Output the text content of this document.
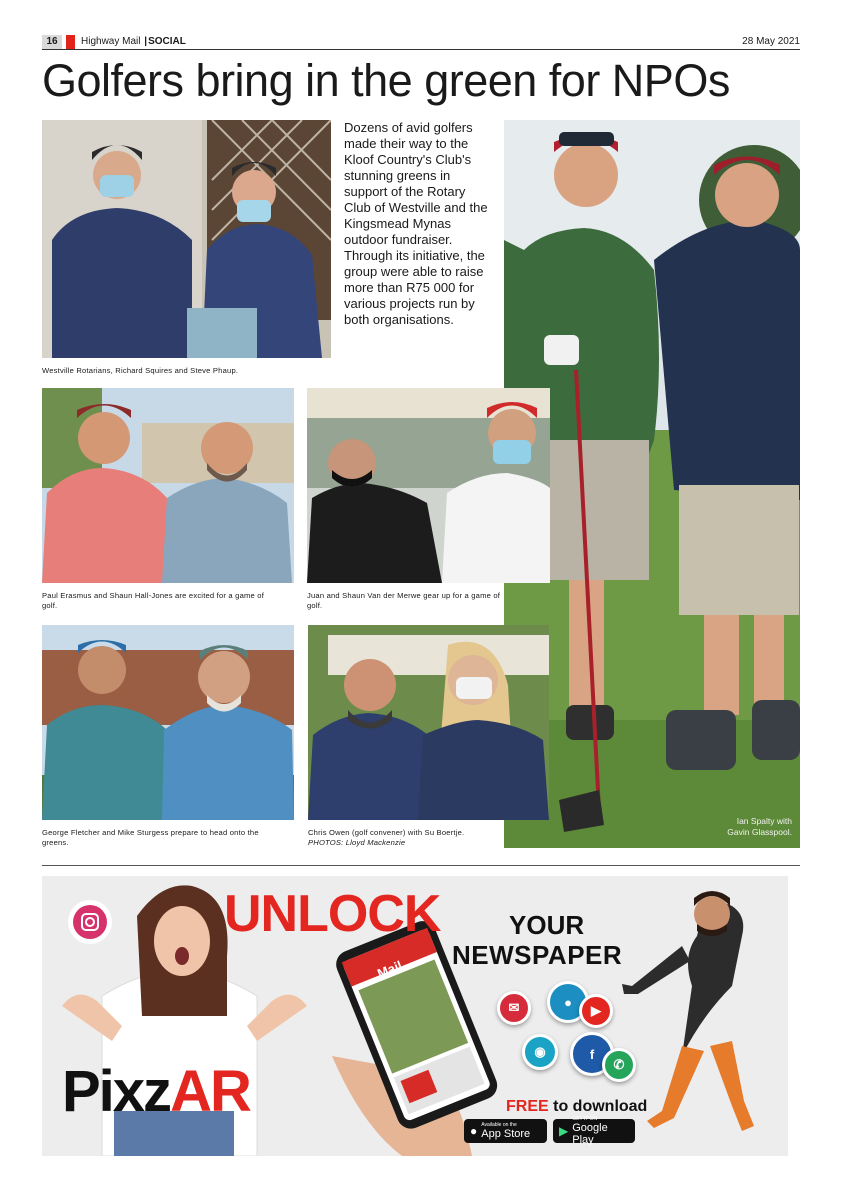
16	Highway Mail |SOCIAL	28 May 2021
Golfers bring in the green for NPOs
Westville Rotarians, Richard Squires and Steve Phaup.
Dozens of avid golfers made their way to the Kloof Country's Club's stunning greens in support of the Rotary Club of Westville and the Kingsmead Mynas outdoor fundraiser. Through its initiative, the group were able to raise more than R75 000 for various projects run by both organisations.
Ian Spalty with
Gavin Glasspool.
Paul Erasmus and Shaun Hall-Jones are excited for a game of golf.
Juan and Shaun Van der Merwe gear up for a game of golf.
George Fletcher and Mike Sturgess prepare to head onto the greens.
Chris Owen (golf convener) with Su Boertje.
PHOTOS: Lloyd Mackenzie
UNLOCK	YOUR
NEWSPAPER
Mail
✉	●
▶
◉	f
✆
PixzAR	FREE to download
● Available on the
App Store ▶
GET IT ON
Google Play
